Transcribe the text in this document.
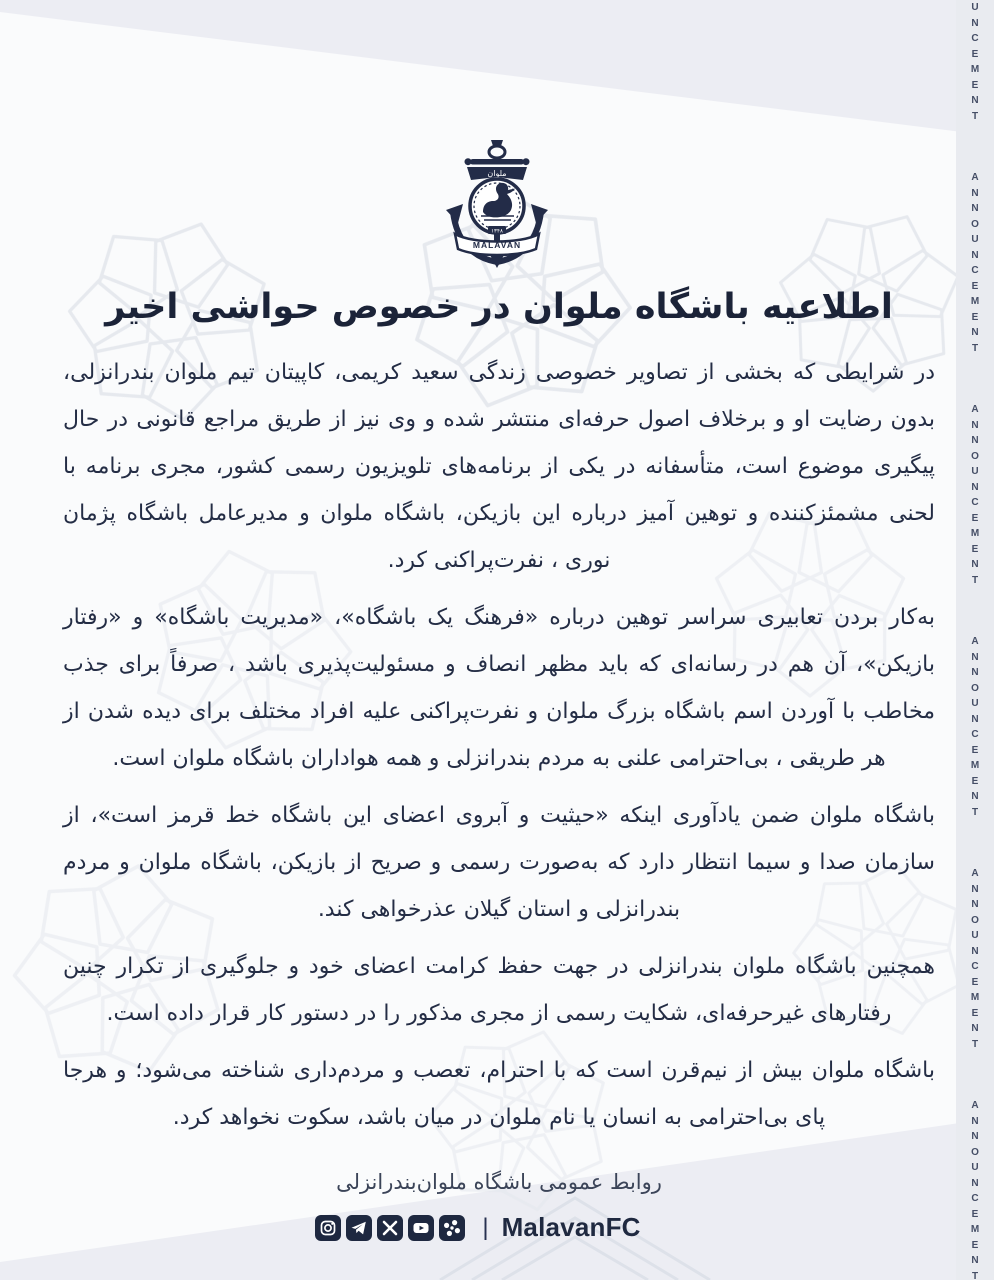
U
N
C
E
M
E
N
T
A
N
N
O
U
N
C
E
M
E
N
T
A
N
N
O
U
N
C
E
M
E
N
T
A
N
N
O
U
N
C
E
M
E
N
T
A
N
N
O
U
N
C
E
M
E
N
T
A
N
N
O
U
N
C
E
M
E
N
T
ملوان
۱۳۴۸
MALAVAN
اطلاعیه باشگاه ملوان در خصوص حواشی اخیر

در شرایطی که بخشی از تصاویر خصوصی زندگی سعید کریمی، کاپیتان تیم ملوان بندرانزلی، بدون رضایت او و برخلاف اصول حرفه‌ای منتشر شده و وی نیز از طریق مراجع قانونی در حال پیگیری موضوع است، متأسفانه در یکی از برنامه‌های تلویزیون رسمی کشور، مجری برنامه با لحنی مشمئزکننده و توهین آمیز درباره این بازیکن، باشگاه ملوان و مدیرعامل باشگاه پژمان نوری ، نفرت‌پراکنی کرد.

به‌کار بردن تعابیری سراسر توهین درباره «فرهنگ یک باشگاه»، «مدیریت باشگاه» و «رفتار بازیکن»، آن هم در رسانه‌ای که باید مظهر انصاف و مسئولیت‌پذیری باشد ، صرفاً برای جذب مخاطب با آوردن اسم باشگاه بزرگ ملوان و نفرت‌پراکنی علیه افراد مختلف برای دیده شدن از هر طریقی ، بی‌احترامی علنی به مردم بندرانزلی و همه هواداران باشگاه ملوان است.

باشگاه ملوان ضمن یادآوری اینکه «حیثیت و آبروی اعضای این باشگاه خط قرمز است»، از سازمان صدا و سیما انتظار دارد که به‌صورت رسمی و صریح از بازیکن، باشگاه ملوان و مردم بندرانزلی و استان گیلان عذرخواهی کند.

همچنین باشگاه ملوان بندرانزلی در جهت حفظ کرامت اعضای خود و جلوگیری از تکرار چنین رفتارهای غیرحرفه‌ای، شکایت رسمی از مجری مذکور را در دستور کار قرار داده است.

باشگاه ملوان بیش از نیم‌قرن است که با احترام، تعصب و مردم‌داری شناخته می‌شود؛ و هرجا پای بی‌احترامی به انسان یا نام ملوان در میان باشد، سکوت نخواهد کرد.

روابط عمومی باشگاه ملوان‌بندرانزلی
| MalavanFC
